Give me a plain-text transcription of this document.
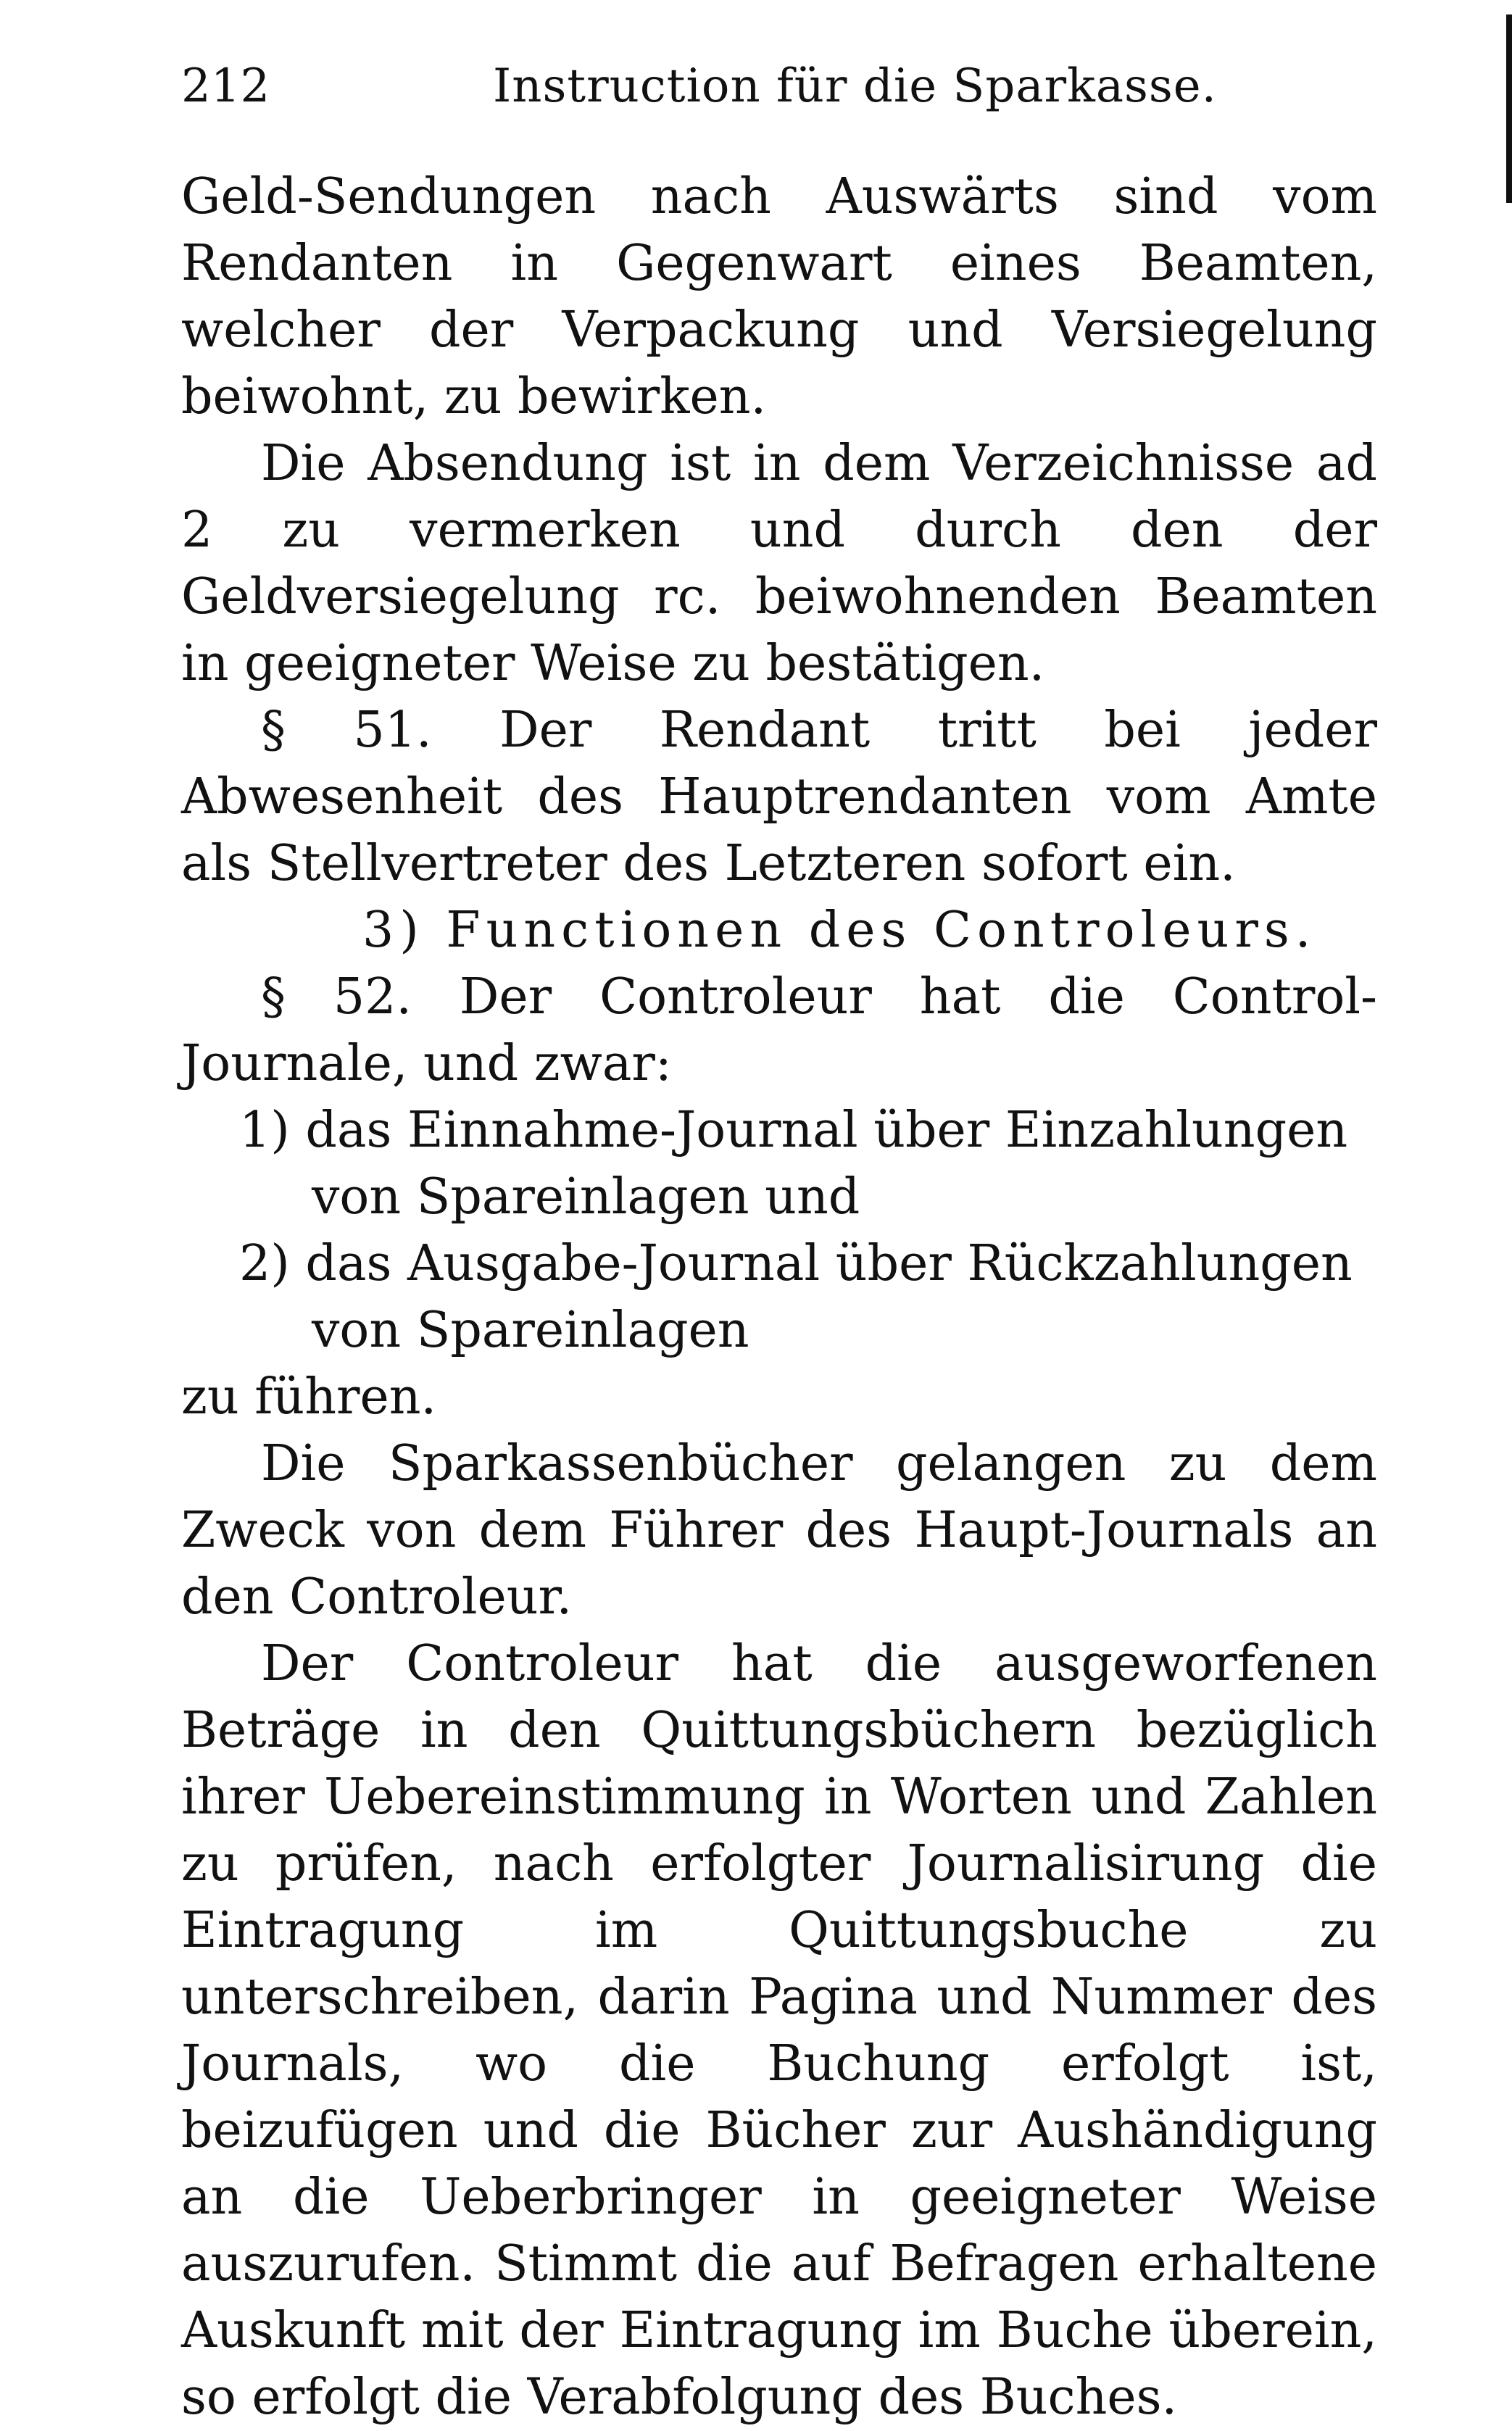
212	Instruction für die Sparkasse.

Geld-Sendungen nach Auswärts sind vom Rendanten in Gegenwart eines Beamten, welcher der Verpackung und Versiegelung beiwohnt, zu bewirken.

Die Absendung ist in dem Verzeichnisse ad 2 zu vermerken und durch den der Geldversiegelung rc. beiwohnenden Beamten in geeigneter Weise zu bestätigen.

§ 51. Der Rendant tritt bei jeder Abwesenheit des Hauptrendanten vom Amte als Stellvertreter des Letzteren sofort ein.

3) Functionen des Controleurs.

§ 52. Der Controleur hat die Control-Journale, und zwar:

1) das Einnahme-Journal über Einzahlungen von Spareinlagen und

2) das Ausgabe-Journal über Rückzahlungen von Spareinlagen

zu führen.

Die Sparkassenbücher gelangen zu dem Zweck von dem Führer des Haupt-Journals an den Controleur.

Der Controleur hat die ausgeworfenen Beträge in den Quittungsbüchern bezüglich ihrer Uebereinstimmung in Worten und Zahlen zu prüfen, nach erfolgter Journalisirung die Eintragung im Quittungsbuche zu unterschreiben, darin Pagina und Nummer des Journals, wo die Buchung erfolgt ist, beizufügen und die Bücher zur Aushändigung an die Ueberbringer in geeigneter Weise auszurufen. Stimmt die auf Befragen erhaltene Auskunft mit der Eintragung im Buche überein, so erfolgt die Verabfolgung des Buches.
